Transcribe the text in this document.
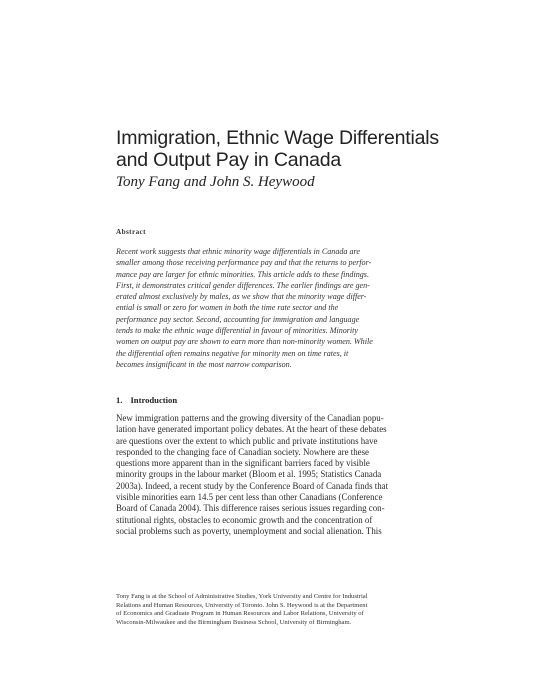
Immigration, Ethnic Wage Differentials
and Output Pay in Canada

Tony Fang and John S. Heywood

Abstract

Recent work suggests that ethnic minority wage differentials in Canada are
smaller among those receiving performance pay and that the returns to perfor-
mance pay are larger for ethnic minorities. This article adds to these findings.
First, it demonstrates critical gender differences. The earlier findings are gen-
erated almost exclusively by males, as we show that the minority wage differ-
ential is small or zero for women in both the time rate sector and the
performance pay sector. Second, accounting for immigration and language
tends to make the ethnic wage differential in favour of minorities. Minority
women on output pay are shown to earn more than non-minority women. While
the differential often remains negative for minority men on time rates, it
becomes insignificant in the most narrow comparison.
1. Introduction
New immigration patterns and the growing diversity of the Canadian popu-
lation have generated important policy debates. At the heart of these debates
are questions over the extent to which public and private institutions have
responded to the changing face of Canadian society. Nowhere are these
questions more apparent than in the significant barriers faced by visible
minority groups in the labour market (Bloom et al. 1995; Statistics Canada
2003a). Indeed, a recent study by the Conference Board of Canada finds that
visible minorities earn 14.5 per cent less than other Canadians (Conference
Board of Canada 2004). This difference raises serious issues regarding con-
stitutional rights, obstacles to economic growth and the concentration of
social problems such as poverty, unemployment and social alienation. This
Tony Fang is at the School of Administrative Studies, York University and Centre for Industrial
Relations and Human Resources, University of Toronto. John S. Heywood is at the Department
of Economics and Graduate Program in Human Resources and Labor Relations, University of
Wisconsin-Milwaukee and the Birmingham Business School, University of Birmingham.
